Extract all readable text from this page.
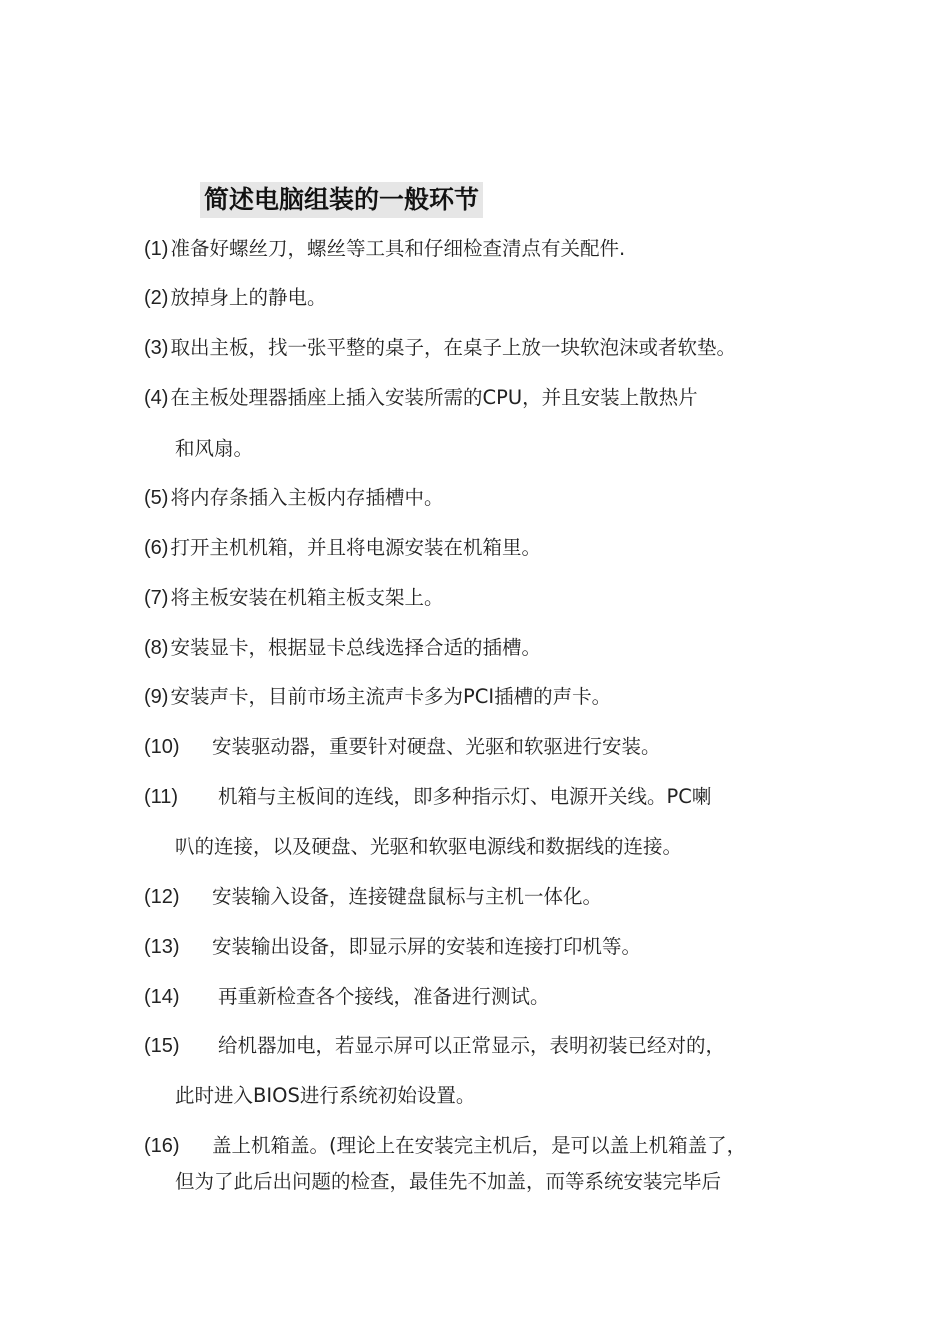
简述电脑组装的一般环节
(1) 准备好螺丝刀，螺丝等工具和仔细检查清点有关配件.
(2) 放掉身上的静电。
(3) 取出主板，找一张平整的桌子，在桌子上放一块软泡沫或者软垫。
(4) 在主板处理器插座上插入安装所需的CPU，并且安装上散热片
和风扇。
(5) 将内存条插入主板内存插槽中。
(6) 打开主机机箱，并且将电源安装在机箱里。
(7) 将主板安装在机箱主板支架上。
(8) 安装显卡，根据显卡总线选择合适的插槽。
(9) 安装声卡，目前市场主流声卡多为PCI插槽的声卡。
(10) 安装驱动器，重要针对硬盘、光驱和软驱进行安装。
(11) 机箱与主板间的连线，即多种指示灯、电源开关线。PC喇
叭的连接，以及硬盘、光驱和软驱电源线和数据线的连接。
(12) 安装输入设备，连接键盘鼠标与主机一体化。
(13) 安装输出设备，即显示屏的安装和连接打印机等。
(14) 再重新检查各个接线，准备进行测试。
(15) 给机器加电，若显示屏可以正常显示，表明初装已经对的，
此时进入BIOS进行系统初始设置。
(16) 盖上机箱盖。(理论上在安装完主机后，是可以盖上机箱盖了，
但为了此后出问题的检查，最佳先不加盖，而等系统安装完毕后
